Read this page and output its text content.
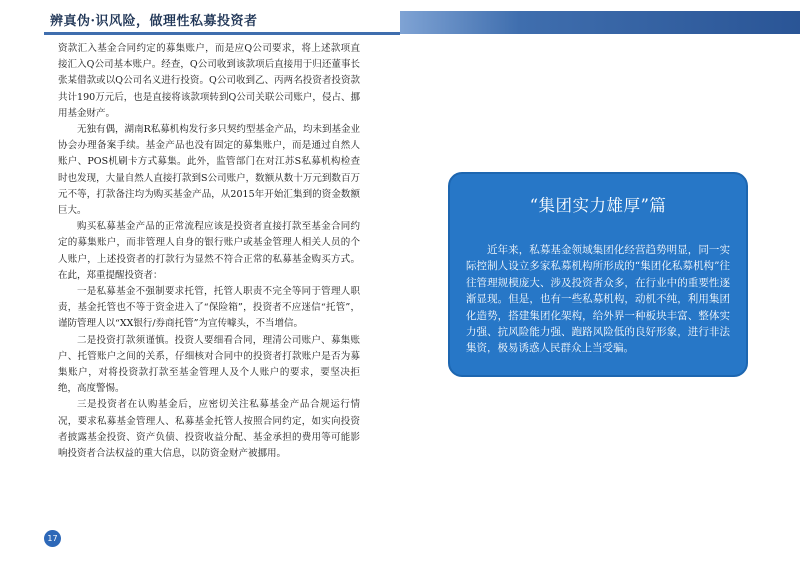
辨真伪·识风险，做理性私募投资者

资款汇入基金合同约定的募集账户，而是应Q公司要求，将上述款项直接汇入Q公司基本账户。经查，Q公司收到该款项后直接用于归还董事长张某借款或以Q公司名义进行投资。Q公司收到乙、丙两名投资者投资款共计190万元后，也是直接将该款项转到Q公司关联公司账户，侵占、挪用基金财产。

无独有偶，湖南R私募机构发行多只契约型基金产品，均未到基金业协会办理备案手续。基金产品也没有固定的募集账户，而是通过自然人账户、POS机刷卡方式募集。此外，监管部门在对江苏S私募机构检查时也发现，大量自然人直接打款到S公司账户，数额从数十万元到数百万元不等，打款备注均为购买基金产品，从2015年开始汇集到的资金数额巨大。

购买私募基金产品的正常流程应该是投资者直接打款至基金合同约定的募集账户，而非管理人自身的银行账户或基金管理人相关人员的个人账户，上述投资者的打款行为显然不符合正常的私募基金购买方式。在此，郑重提醒投资者：

一是私募基金不强制要求托管，托管人职责不完全等同于管理人职责，基金托管也不等于资金进入了“保险箱”，投资者不应迷信“托管”，谨防管理人以“XX银行/券商托管”为宣传噱头，不当增信。

二是投资打款须谨慎。投资人要细看合同，理清公司账户、募集账户、托管账户之间的关系，仔细核对合同中的投资者打款账户是否为募集账户，对将投资款打款至基金管理人及个人账户的要求，要坚决拒绝，高度警惕。

三是投资者在认购基金后，应密切关注私募基金产品合规运行情况，要求私募基金管理人、私募基金托管人按照合同约定，如实向投资者披露基金投资、资产负债、投资收益分配、基金承担的费用等可能影响投资者合法权益的重大信息，以防资金财产被挪用。

17
“集团实力雄厚”篇
近年来，私募基金领域集团化经营趋势明显，同一实际控制人设立多家私募机构所形成的“集团化私募机构”往往管理规模庞大、涉及投资者众多，在行业中的重要性逐渐显现。但是，也有一些私募机构，动机不纯，利用集团化造势，搭建集团化架构，给外界一种板块丰富、整体实力强、抗风险能力强、跑路风险低的良好形象，进行非法集资，极易诱惑人民群众上当受骗。
